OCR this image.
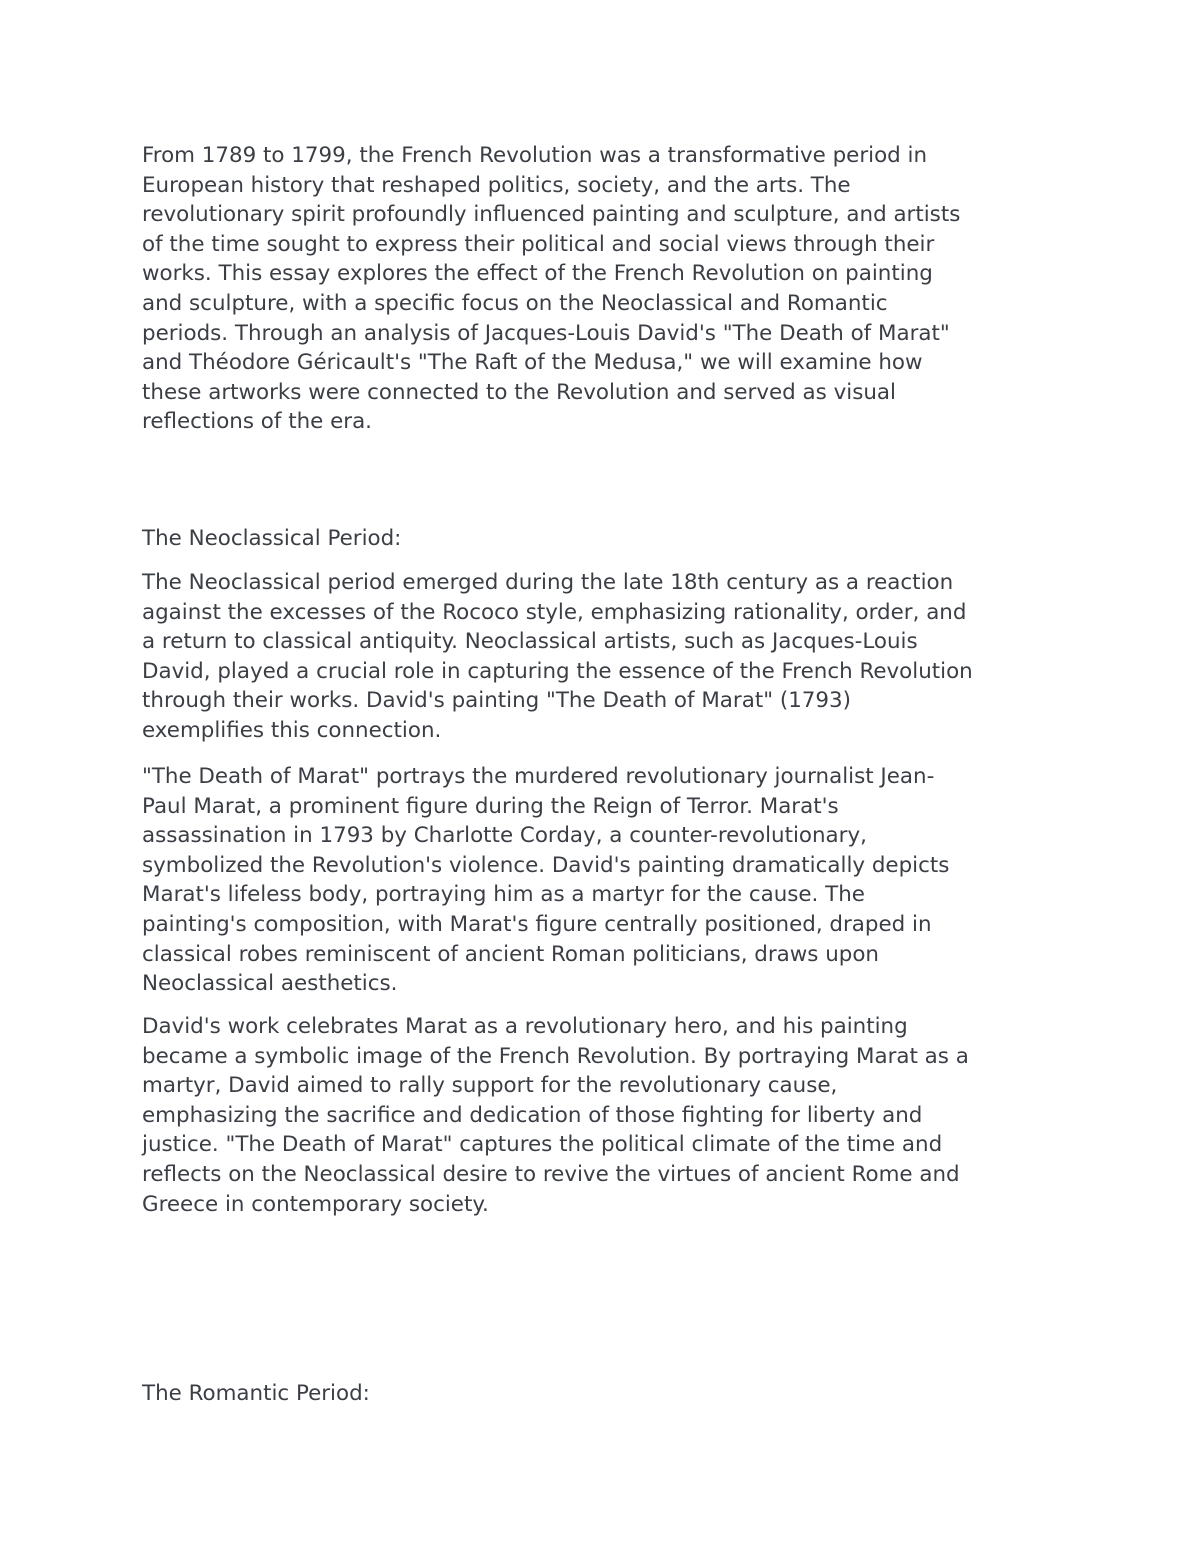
From 1789 to 1799, the French Revolution was a transformative period in
European history that reshaped politics, society, and the arts. The
revolutionary spirit profoundly influenced painting and sculpture, and artists
of the time sought to express their political and social views through their
works. This essay explores the effect of the French Revolution on painting
and sculpture, with a specific focus on the Neoclassical and Romantic
periods. Through an analysis of Jacques-Louis David's "The Death of Marat"
and Théodore Géricault's "The Raft of the Medusa," we will examine how
these artworks were connected to the Revolution and served as visual
reflections of the era.

The Neoclassical Period:

The Neoclassical period emerged during the late 18th century as a reaction
against the excesses of the Rococo style, emphasizing rationality, order, and
a return to classical antiquity. Neoclassical artists, such as Jacques-Louis
David, played a crucial role in capturing the essence of the French Revolution
through their works. David's painting "The Death of Marat" (1793)
exemplifies this connection.

"The Death of Marat" portrays the murdered revolutionary journalist Jean-
Paul Marat, a prominent figure during the Reign of Terror. Marat's
assassination in 1793 by Charlotte Corday, a counter-revolutionary,
symbolized the Revolution's violence. David's painting dramatically depicts
Marat's lifeless body, portraying him as a martyr for the cause. The
painting's composition, with Marat's figure centrally positioned, draped in
classical robes reminiscent of ancient Roman politicians, draws upon
Neoclassical aesthetics.

David's work celebrates Marat as a revolutionary hero, and his painting
became a symbolic image of the French Revolution. By portraying Marat as a
martyr, David aimed to rally support for the revolutionary cause,
emphasizing the sacrifice and dedication of those fighting for liberty and
justice. "The Death of Marat" captures the political climate of the time and
reflects on the Neoclassical desire to revive the virtues of ancient Rome and
Greece in contemporary society.

The Romantic Period:
